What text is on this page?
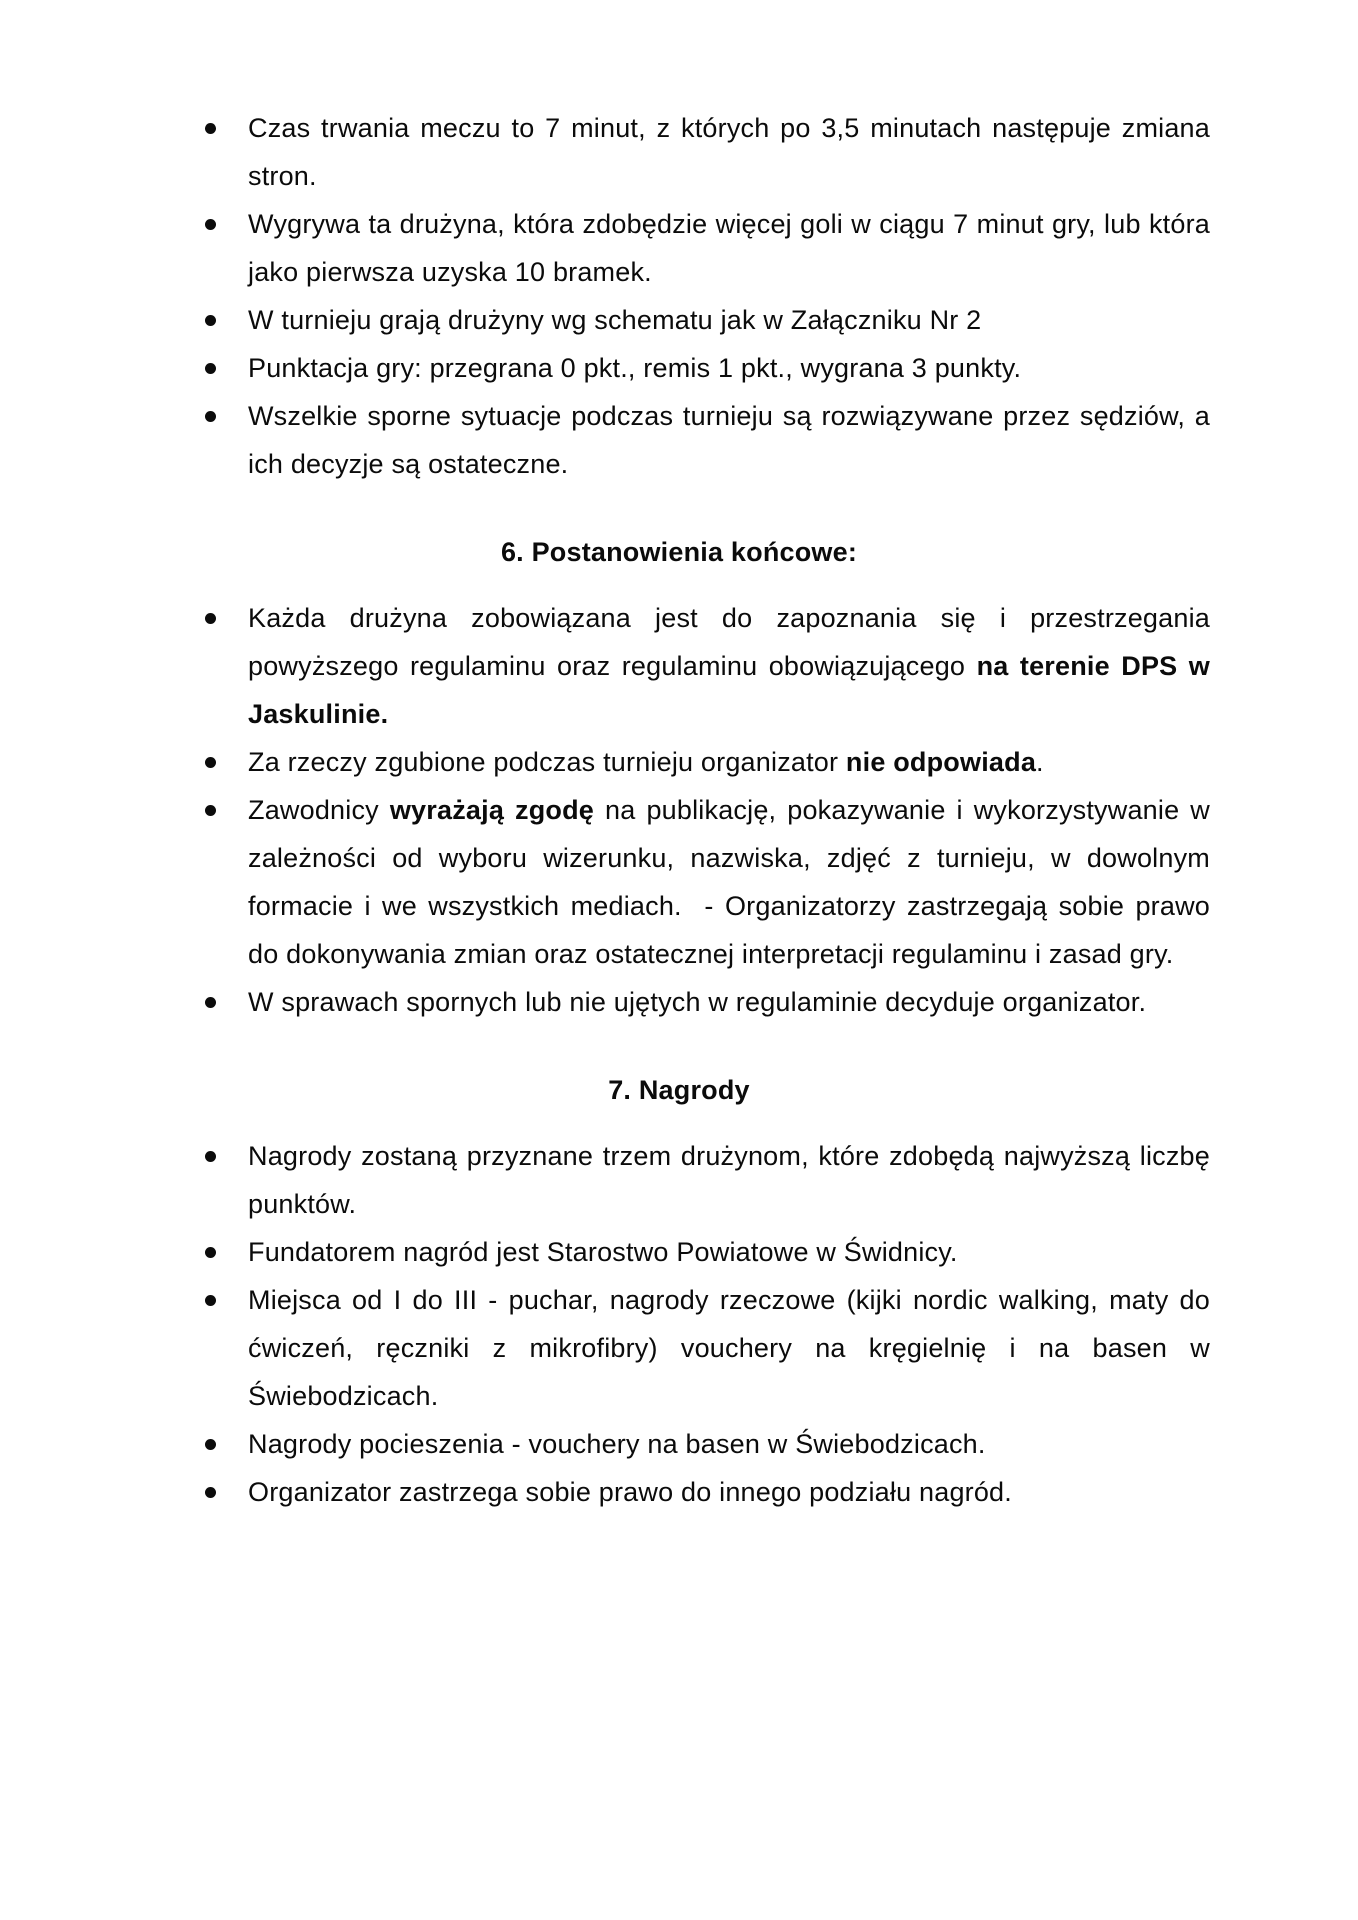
Czas trwania meczu to 7 minut, z których po 3,5 minutach następuje zmiana stron.
Wygrywa ta drużyna, która zdobędzie więcej goli w ciągu 7 minut gry, lub która jako pierwsza uzyska 10 bramek.
W turnieju grają drużyny wg schematu jak w Załączniku Nr 2
Punktacja gry: przegrana 0 pkt., remis 1 pkt., wygrana 3 punkty.
Wszelkie sporne sytuacje podczas turnieju są rozwiązywane przez sędziów, a ich decyzje są ostateczne.
6. Postanowienia końcowe:
Każda drużyna zobowiązana jest do zapoznania się i przestrzegania powyższego regulaminu oraz regulaminu obowiązującego na terenie DPS w Jaskulinie.
Za rzeczy zgubione podczas turnieju organizator nie odpowiada.
Zawodnicy wyrażają zgodę na publikację, pokazywanie i wykorzystywanie w zależności od wyboru wizerunku, nazwiska, zdjęć z turnieju, w dowolnym formacie i we wszystkich mediach.  - Organizatorzy zastrzegają sobie prawo do dokonywania zmian oraz ostatecznej interpretacji regulaminu i zasad gry.
W sprawach spornych lub nie ujętych w regulaminie decyduje organizator.
7. Nagrody
Nagrody zostaną przyznane trzem drużynom, które zdobędą najwyższą liczbę punktów.
Fundatorem nagród jest Starostwo Powiatowe w Świdnicy.
Miejsca od I do III - puchar, nagrody rzeczowe (kijki nordic walking, maty do ćwiczeń, ręczniki z mikrofibry) vouchery na kręgielnię i na basen w Świebodzicach.
Nagrody pocieszenia - vouchery na basen w Świebodzicach.
Organizator zastrzega sobie prawo do innego podziału nagród.
